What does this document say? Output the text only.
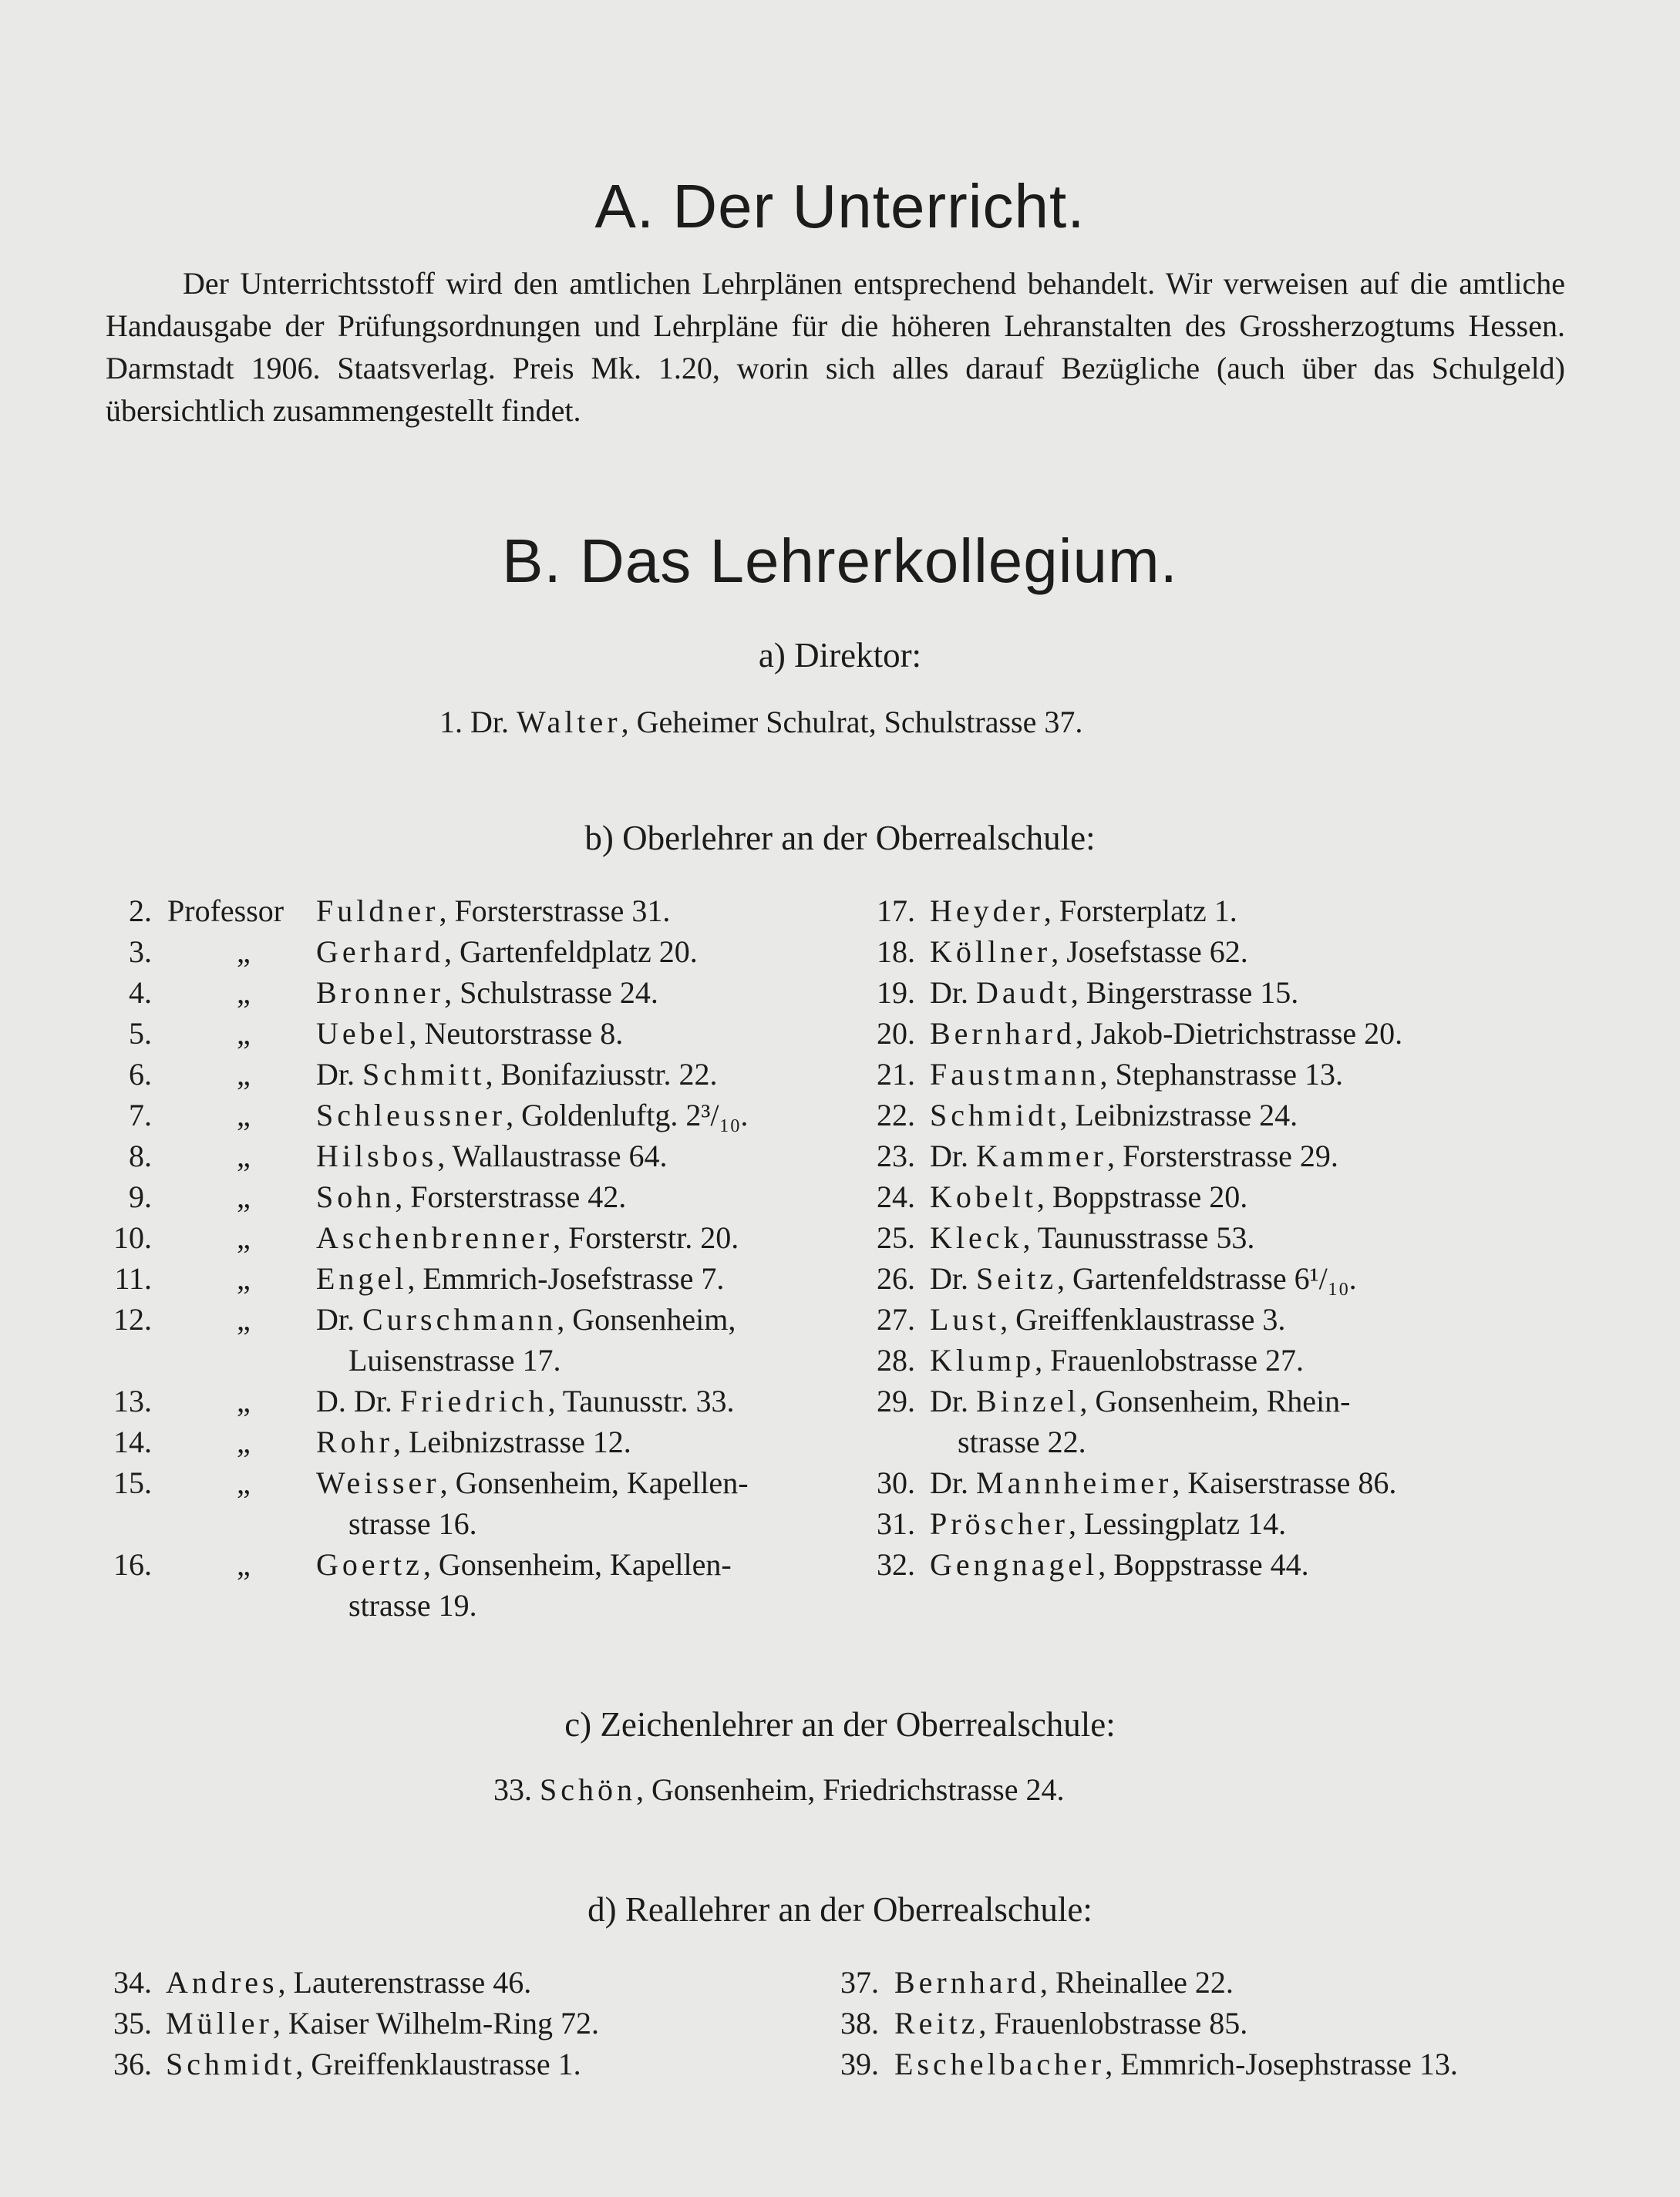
A. Der Unterricht.

Der Unterrichtsstoff wird den amtlichen Lehrplänen entsprechend behandelt. Wir verweisen auf die amtliche Handausgabe der Prüfungsordnungen und Lehrpläne für die höheren Lehranstalten des Grossherzogtums Hessen. Darmstadt 1906. Staatsverlag. Preis Mk. 1.20, worin sich alles darauf Bezügliche (auch über das Schulgeld) übersichtlich zusammengestellt findet.

B. Das Lehrerkollegium.
a) Direktor:
1. Dr. Walter, Geheimer Schulrat, Schulstrasse 37.
b) Oberlehrer an der Oberrealschule:
2. Professor Fuldner, Forsterstrasse 31.
3.	„ Gerhard, Gartenfeldplatz 20.
4.	„ Bronner, Schulstrasse 24.
5.	„ Uebel, Neutorstrasse 8.
6.	„ Dr. Schmitt, Bonifaziusstr. 22.
7.	„ Schleussner, Goldenluftg. 2³/₁₀.
8.	„ Hilsbos, Wallaustrasse 64.
9.	„ Sohn, Forsterstrasse 42.
10.	„ Aschenbrenner, Forsterstr. 20.
11.	„ Engel, Emmrich-Josefstrasse 7.
12.	„ Dr. Curschmann, Gonsenheim,
Luisenstrasse 17.
13.	„ D. Dr. Friedrich, Taunusstr. 33.
14.	„ Rohr, Leibnizstrasse 12.
15.	„ Weisser, Gonsenheim, Kapellen-
strasse 16.
16.	„ Goertz, Gonsenheim, Kapellen-
strasse 19.
17. Heyder, Forsterplatz 1.
18. Köllner, Josefstasse 62.
19. Dr. Daudt, Bingerstrasse 15.
20. Bernhard, Jakob-Dietrichstrasse 20.
21. Faustmann, Stephanstrasse 13.
22. Schmidt, Leibnizstrasse 24.
23. Dr. Kammer, Forsterstrasse 29.
24. Kobelt, Boppstrasse 20.
25. Kleck, Taunusstrasse 53.
26. Dr. Seitz, Gartenfeldstrasse 6¹/₁₀.
27. Lust, Greiffenklaustrasse 3.
28. Klump, Frauenlobstrasse 27.
29. Dr. Binzel, Gonsenheim, Rhein-
strasse 22.
30. Dr. Mannheimer, Kaiserstrasse 86.
31. Pröscher, Lessingplatz 14.
32. Gengnagel, Boppstrasse 44.
c) Zeichenlehrer an der Oberrealschule:
33. Schön, Gonsenheim, Friedrichstrasse 24.
d) Reallehrer an der Oberrealschule:
34. Andres, Lauterenstrasse 46.
35. Müller, Kaiser Wilhelm-Ring 72.
36. Schmidt, Greiffenklaustrasse 1.
37. Bernhard, Rheinallee 22.
38. Reitz, Frauenlobstrasse 85.
39. Eschelbacher, Emmrich-Josephstrasse 13.
